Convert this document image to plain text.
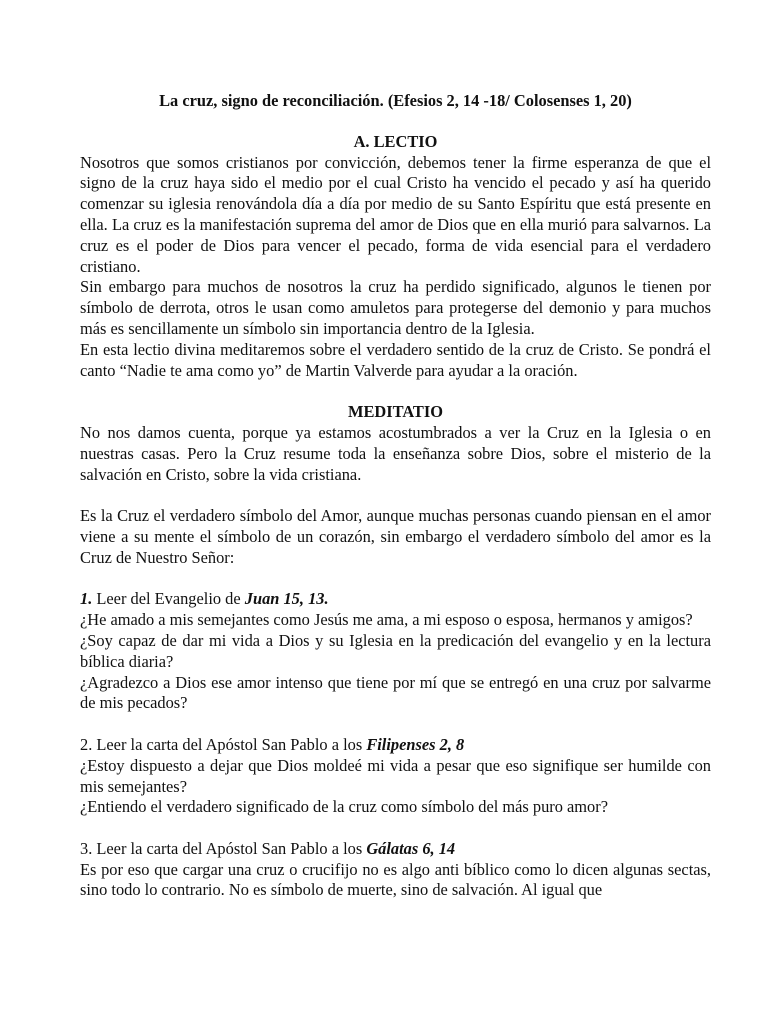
La cruz, signo de reconciliación. (Efesios 2, 14 -18/ Colosenses 1, 20)
A. LECTIO

Nosotros que somos cristianos por convicción, debemos tener la firme esperanza de que el signo de la cruz haya sido el medio por el cual Cristo ha vencido el pecado y así ha querido comenzar su iglesia renovándola día a día por medio de su Santo Espíritu que está presente en ella. La cruz es la manifestación suprema del amor de Dios que en ella murió para salvarnos. La cruz es el poder de Dios para vencer el pecado, forma de vida esencial para el verdadero cristiano.

Sin embargo para muchos de nosotros la cruz ha perdido significado, algunos le tienen por símbolo de derrota, otros le usan como amuletos para protegerse del demonio y para muchos más es sencillamente un símbolo sin importancia dentro de la Iglesia.

En esta lectio divina meditaremos sobre el verdadero sentido de la cruz de Cristo. Se pondrá el canto “Nadie te ama como yo” de Martin Valverde para ayudar a la oración.

MEDITATIO

No nos damos cuenta, porque ya estamos acostumbrados a ver la Cruz en la Iglesia o en nuestras casas. Pero la Cruz resume toda la enseñanza sobre Dios, sobre el misterio de la salvación en Cristo, sobre la vida cristiana.

Es la Cruz el verdadero símbolo del Amor, aunque muchas personas cuando piensan en el amor viene a su mente el símbolo de un corazón, sin embargo el verdadero símbolo del amor es la Cruz de Nuestro Señor:

1. Leer del Evangelio de Juan 15, 13.

¿He amado a mis semejantes como Jesús me ama, a mi esposo o esposa, hermanos y amigos?

¿Soy capaz de dar mi vida a Dios y su Iglesia en la predicación del evangelio y en la lectura bíblica diaria?

¿Agradezco a Dios ese amor intenso que tiene por mí que se entregó en una cruz por salvarme de mis pecados?

2. Leer la carta del Apóstol San Pablo a los Filipenses 2, 8

¿Estoy dispuesto a dejar que Dios moldeé mi vida a pesar que eso signifique ser humilde con mis semejantes?

¿Entiendo el verdadero significado de la cruz como símbolo del más puro amor?

3. Leer la carta del Apóstol San Pablo a los Gálatas 6, 14

Es por eso que cargar una cruz o crucifijo no es algo anti bíblico como lo dicen algunas sectas, sino todo lo contrario. No es símbolo de muerte, sino de salvación. Al igual que
